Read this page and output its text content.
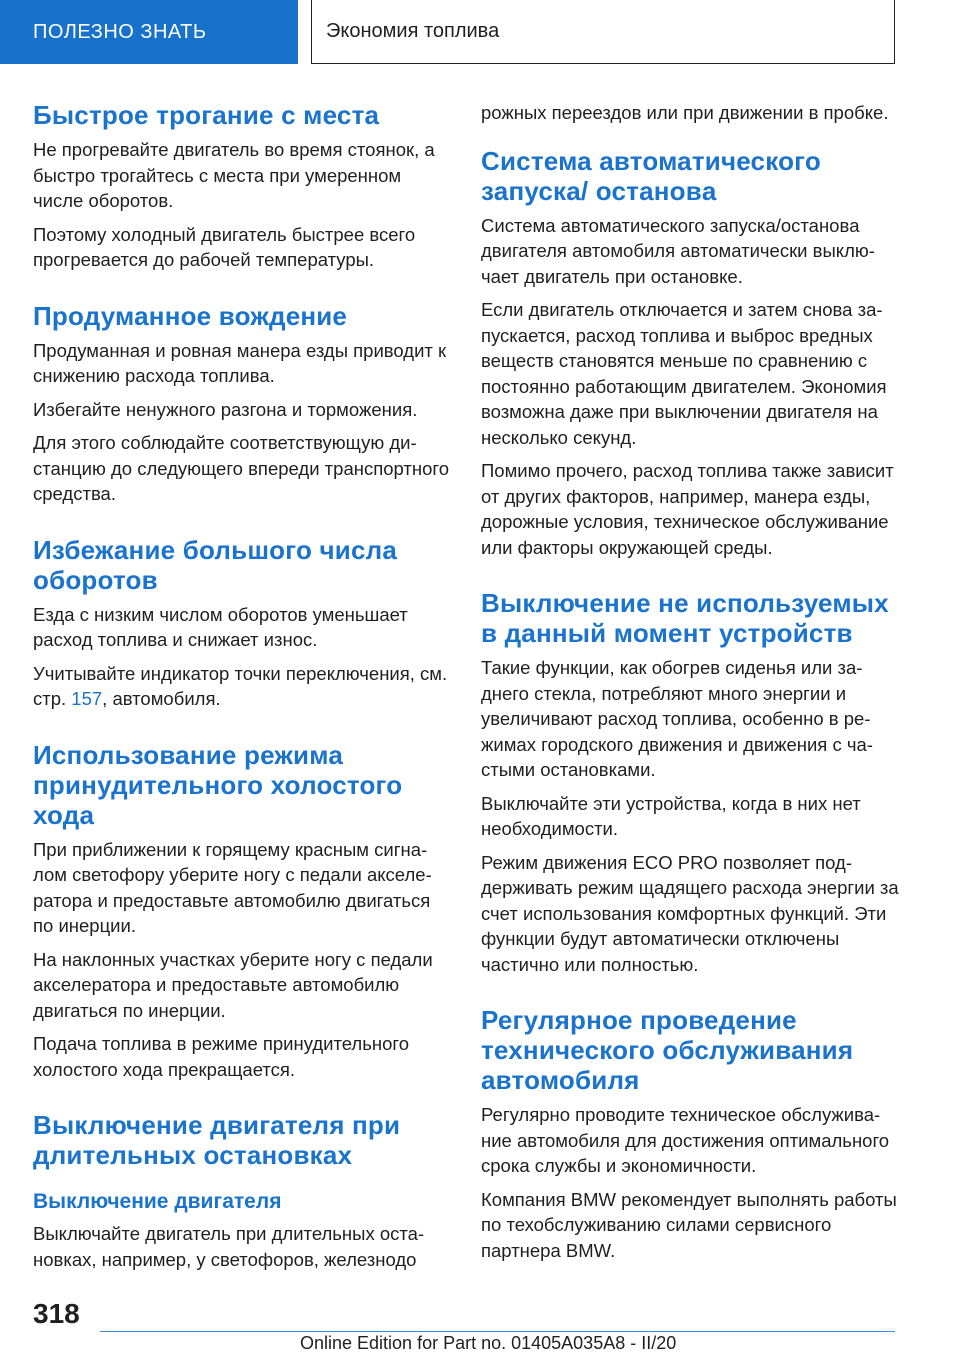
ПОЛЕЗНО ЗНАТЬ	Экономия топлива
Быстрое трогание с места

Не прогревайте двигатель во время стоянок, а быстро трогайтесь с места при умеренном числе оборотов.

Поэтому холодный двигатель быстрее всего прогревается до рабочей температуры.

Продуманное вождение

Продуманная и ровная манера езды приводит к снижению расхода топлива.

Избегайте ненужного разгона и торможения.

Для этого соблюдайте соответствующую дистанцию до следующего впереди транспортного средства.

Избежание большого числа оборотов

Езда с низким числом оборотов уменьшает расход топлива и снижает износ.

Учитывайте индикатор точки переключения, см. стр. 157, автомобиля.

Использование режима принудительного холостого хода

При приближении к горящему красным сигналом светофору уберите ногу с педали акселератора и предоставьте автомобилю двигаться по инерции.

На наклонных участках уберите ногу с педали акселератора и предоставьте автомобилю двигаться по инерции.

Подача топлива в режиме принудительного холостого хода прекращается.

Выключение двигателя при длительных остановках
Выключение двигателя

Выключайте двигатель при длительных остановках, например, у светофоров, железнодо

рожных переездов или при движении в пробке.

Система автоматического запуска/ остановa

Система автоматического запуска/остановa двигателя автомобиля автоматически выключает двигатель при остановке.

Если двигатель отключается и затем снова запускается, расход топлива и выброс вредных веществ становятся меньше по сравнению с постоянно работающим двигателем. Экономия возможна даже при выключении двигателя на несколько секунд.

Помимо прочего, расход топлива также зависит от других факторов, например, манера езды, дорожные условия, техническое обслуживание или факторы окружающей среды.

Выключение не используемых в данный момент устройств

Такие функции, как обогрев сиденья или заднего стекла, потребляют много энергии и увеличивают расход топлива, особенно в режимах городского движения и движения с частыми остановками.

Выключайте эти устройства, когда в них нет необходимости.

Режим движения ECO PRO позволяет поддерживать режим щадящего расхода энергии за счет использования комфортных функций. Эти функции будут автоматически отключены частично или полностью.

Регулярное проведение технического обслуживания автомобиля

Регулярно проводите техническое обслуживание автомобиля для достижения оптимального срока службы и экономичности.

Компания BMW рекомендует выполнять работы по техобслуживанию силами сервисного партнера BMW.

318
Online Edition for Part no. 01405A035A8 - II/20
